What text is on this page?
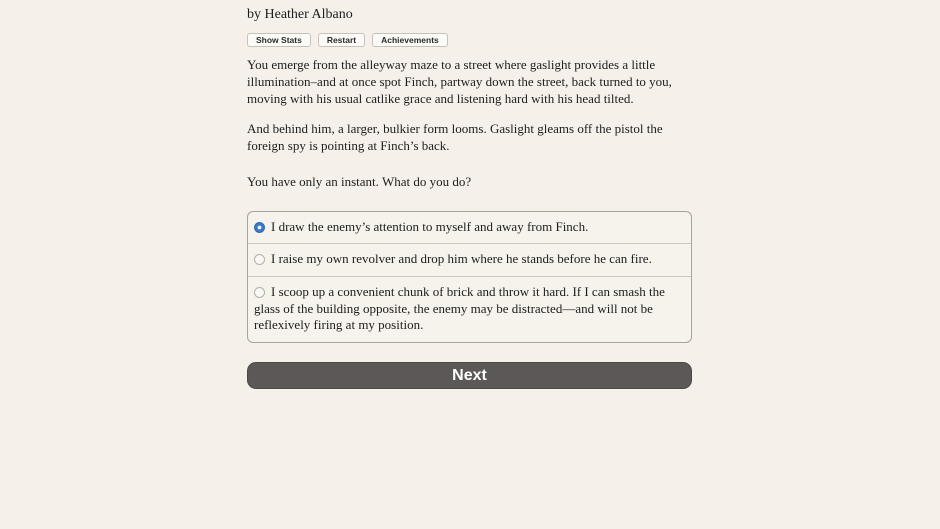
by Heather Albano
Show Stats	Restart	Achievements

You emerge from the alleyway maze to a street where gaslight provides a little illumination–and at once spot Finch, partway down the street, back turned to you, moving with his usual catlike grace and listening hard with his head tilted.

And behind him, a larger, bulkier form looms. Gaslight gleams off the pistol the foreign spy is pointing at Finch’s back.

You have only an instant. What do you do?

I draw the enemy’s attention to myself and away from Finch.
I raise my own revolver and drop him where he stands before he can fire.
I scoop up a convenient chunk of brick and throw it hard. If I can smash the glass of the building opposite, the enemy may be distracted—and will not be reflexively firing at my position.
Next
